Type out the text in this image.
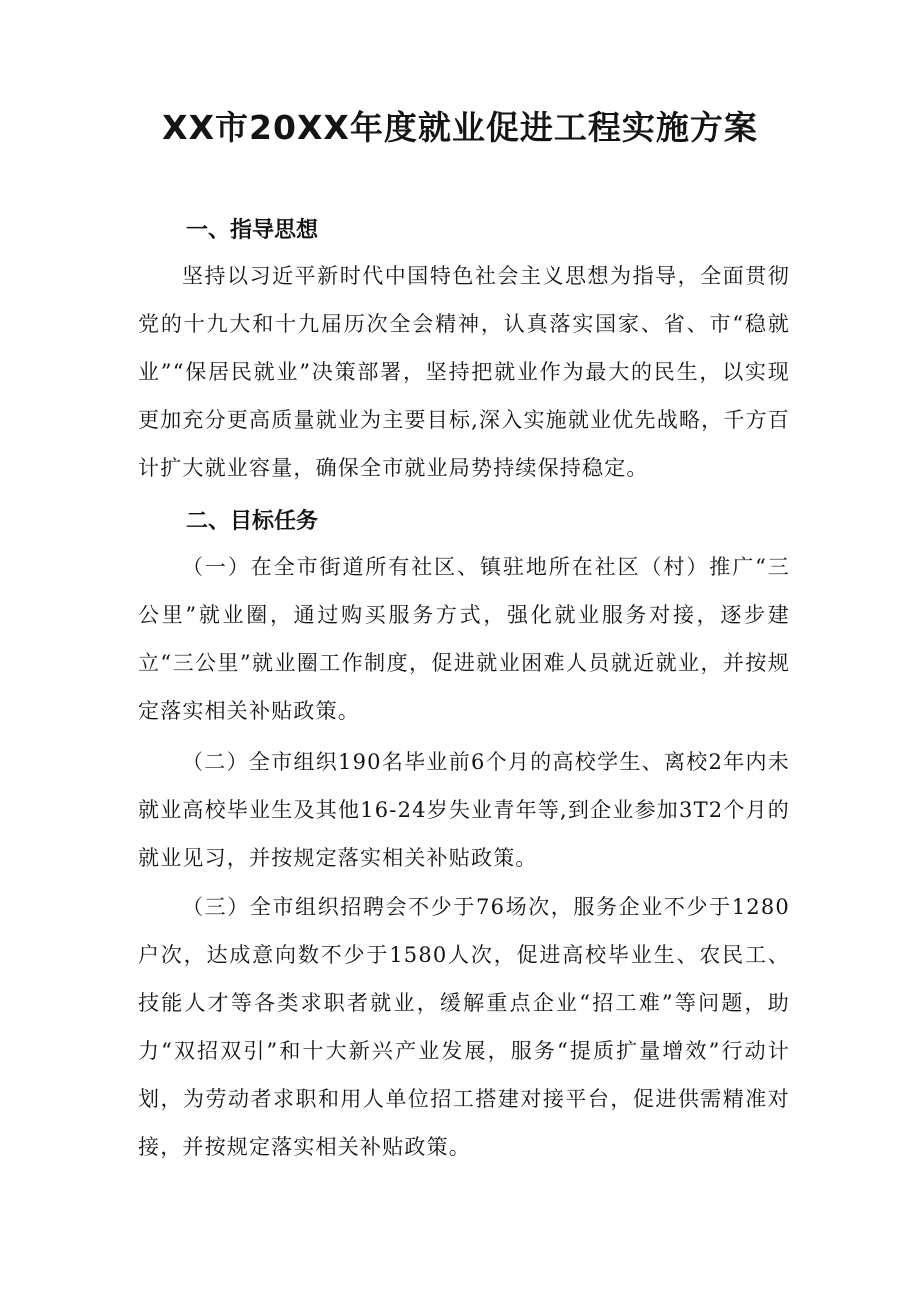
XX市20XX年度就业促进工程实施方案
一、指导思想

坚持以习近平新时代中国特色社会主义思想为指导，全面贯彻党的十九大和十九届历次全会精神，认真落实国家、省、市“稳就业”“保居民就业”决策部署，坚持把就业作为最大的民生，以实现更加充分更高质量就业为主要目标,深入实施就业优先战略，千方百计扩大就业容量，确保全市就业局势持续保持稳定。

二、目标任务

（一）在全市街道所有社区、镇驻地所在社区（村）推广“三公里”就业圈，通过购买服务方式，强化就业服务对接，逐步建立“三公里”就业圈工作制度，促进就业困难人员就近就业，并按规定落实相关补贴政策。

（二）全市组织190名毕业前6个月的高校学生、离校2年内未就业高校毕业生及其他16-24岁失业青年等,到企业参加3T2个月的就业见习，并按规定落实相关补贴政策。

（三）全市组织招聘会不少于76场次，服务企业不少于1280户次，达成意向数不少于1580人次，促进高校毕业生、农民工、技能人才等各类求职者就业，缓解重点企业“招工难”等问题，助力“双招双引”和十大新兴产业发展，服务“提质扩量增效”行动计划，为劳动者求职和用人单位招工搭建对接平台，促进供需精准对接，并按规定落实相关补贴政策。
